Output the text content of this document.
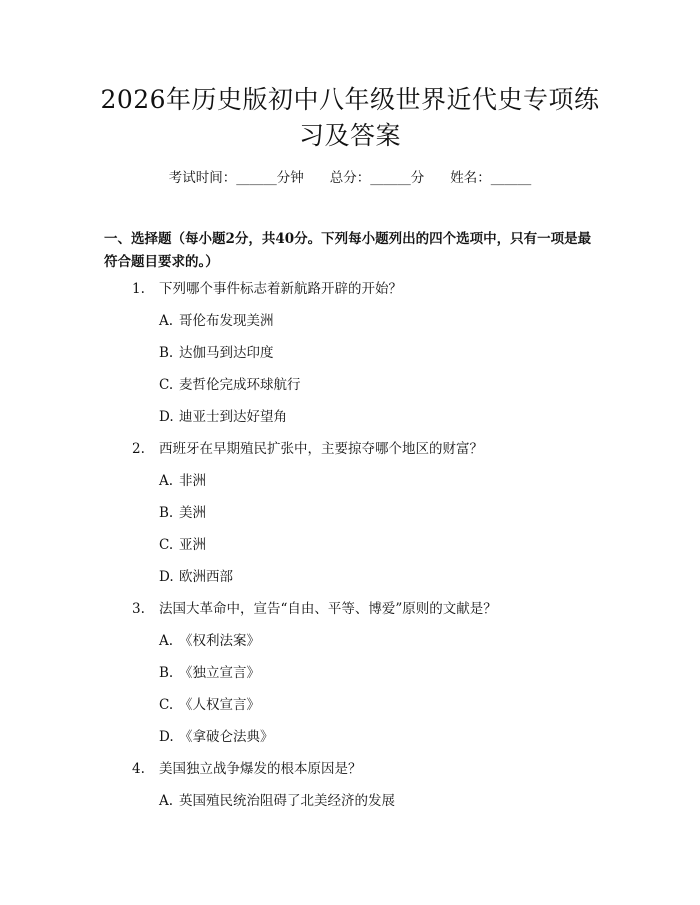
2026年历史版初中八年级世界近代史专项练
习及答案
考试时间：______分钟 总分：______分 姓名：______
一、选择题（每小题2分，共40分。下列每小题列出的四个选项中，只有一项是最符合题目要求的。）
1. 下列哪个事件标志着新航路开辟的开始？
A. 哥伦布发现美洲
B. 达伽马到达印度
C. 麦哲伦完成环球航行
D. 迪亚士到达好望角
2. 西班牙在早期殖民扩张中，主要掠夺哪个地区的财富？
A. 非洲
B. 美洲
C. 亚洲
D. 欧洲西部
3. 法国大革命中，宣告“自由、平等、博爱”原则的文献是？
A. 《权利法案》
B. 《独立宣言》
C. 《人权宣言》
D. 《拿破仑法典》
4. 美国独立战争爆发的根本原因是？
A. 英国殖民统治阻碍了北美经济的发展
